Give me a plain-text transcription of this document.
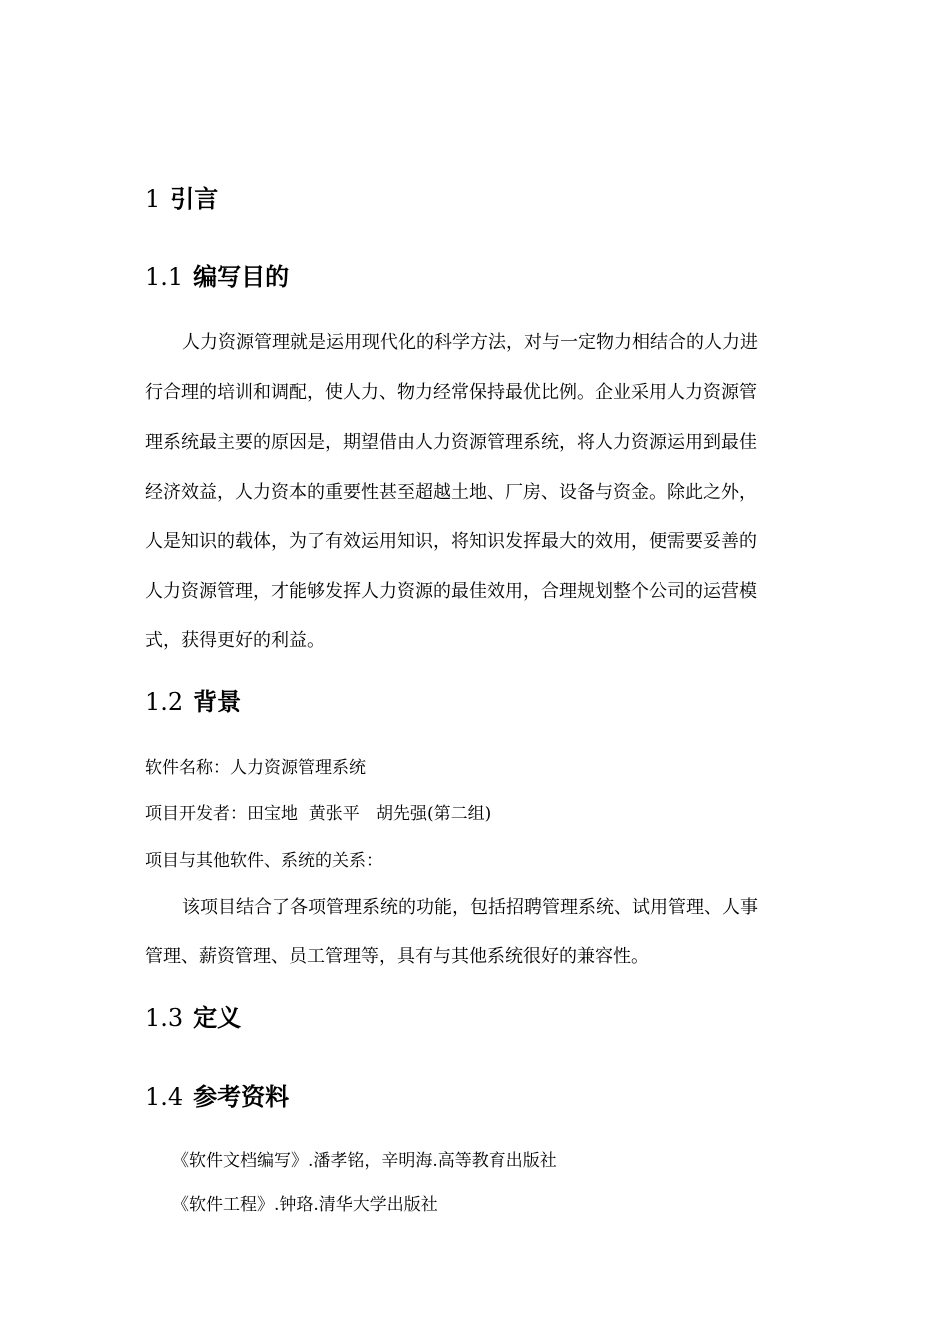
1 引言
1.1 编写目的

人力资源管理就是运用现代化的科学方法，对与一定物力相结合的人力进

行合理的培训和调配，使人力、物力经常保持最优比例。企业采用人力资源管

理系统最主要的原因是，期望借由人力资源管理系统，将人力资源运用到最佳

经济效益，人力资本的重要性甚至超越土地、厂房、设备与资金。除此之外，

人是知识的载体，为了有效运用知识，将知识发挥最大的效用，便需要妥善的

人力资源管理，才能够发挥人力资源的最佳效用，合理规划整个公司的运营模

式，获得更好的利益。

1.2 背景

软件名称：人力资源管理系统

项目开发者：田宝地  黄张平   胡先强(第二组)

项目与其他软件、系统的关系：

该项目结合了各项管理系统的功能，包括招聘管理系统、试用管理、人事

管理、薪资管理、员工管理等，具有与其他系统很好的兼容性。

1.3 定义
1.4 参考资料

《软件文档编写》.潘孝铭，辛明海.高等教育出版社

《软件工程》.钟珞.清华大学出版社
